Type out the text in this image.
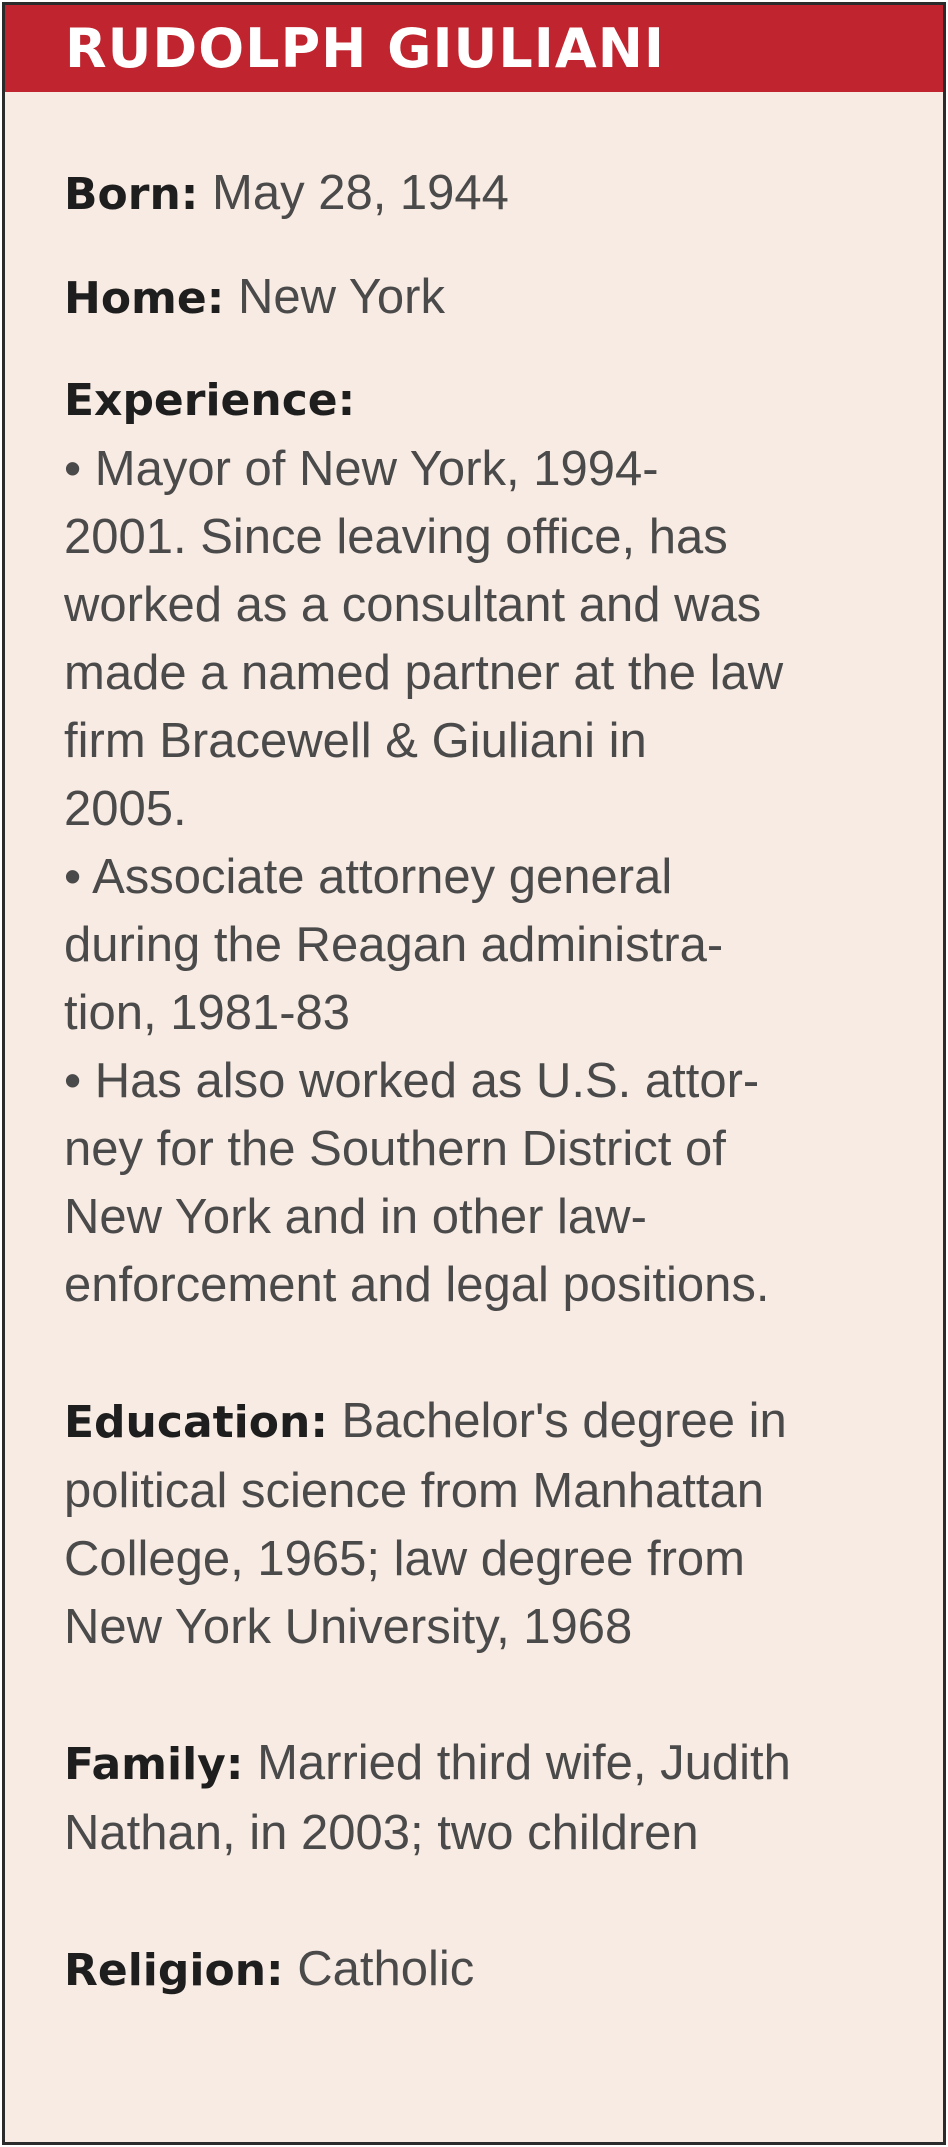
RUDOLPH GIULIANI
Born: May 28, 1944
Home: New York
Experience:
• Mayor of New York, 1994-
2001. Since leaving office, has
worked as a consultant and was
made a named partner at the law
firm Bracewell & Giuliani in
2005.
• Associate attorney general
during the Reagan administra-
tion, 1981-83
• Has also worked as U.S. attor-
ney for the Southern District of
New York and in other law-
enforcement and legal positions.
Education: Bachelor's degree in
political science from Manhattan
College, 1965; law degree from
New York University, 1968
Family: Married third wife, Judith
Nathan, in 2003; two children
Religion: Catholic
